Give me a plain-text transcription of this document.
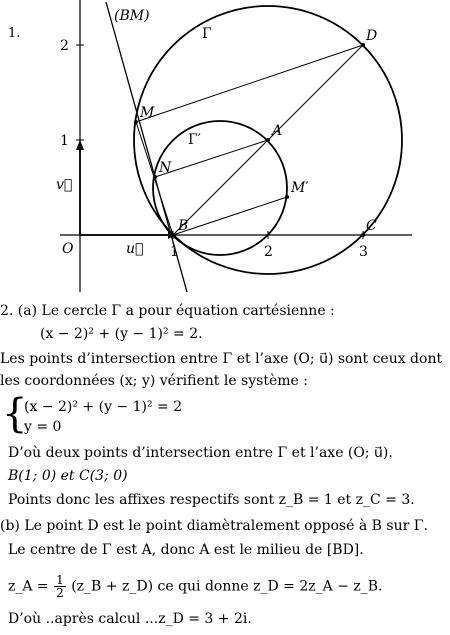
1.
(BM)
Γ
Γ′
D
M
A
N
M′
B	C
O	u⃗
v⃗
1	2	3
1
2
2. (a) Le cercle Γ a pour équation cartésienne :
(x − 2)² + (y − 1)² = 2.
Les points d’intersection entre Γ et l’axe (O; u⃗) sont ceux dont
les coordonnées (x; y) vérifient le système :
{
(x − 2)² + (y − 1)² = 2
y = 0
D’où deux points d’intersection entre Γ et l’axe (O; u⃗).
B(1; 0) et C(3; 0)
Points donc les affixes respectifs sont z_B = 1 et z_C = 3.
(b) Le point D est le point diamètralement opposé à B sur Γ.
Le centre de Γ est A, donc A est le milieu de [BD].
z_A = $\frac{1}{2}$ (z_B + z_D) ce qui donne z_D = 2z_A − z_B.
D’où ..après calcul ...z_D = 3 + 2i.
